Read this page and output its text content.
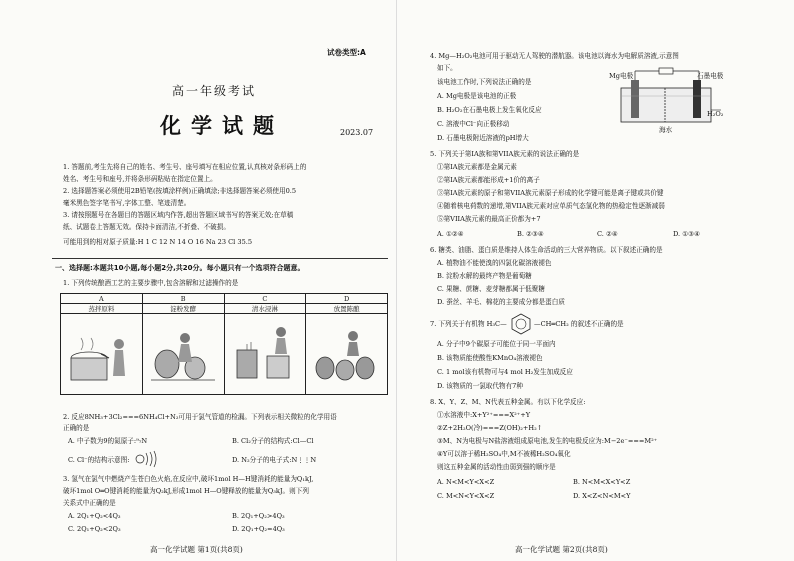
试卷类型:A
高一年级考试
化学试题	2023.07
1. 答题前,考生先将自己的姓名、考生号、座号填写在相应位置,认真核对条形码上的
姓名、考生号和座号,并将条形码粘贴在指定位置上。
2. 选择题答案必须使用2B铅笔(按填涂样例)正确填涂;非选择题答案必须使用0.5
毫米黑色签字笔书写,字体工整、笔迹清楚。
3. 请按照题号在各题目的答题区域内作答,超出答题区域书写的答案无效;在草稿
纸、试题卷上答题无效。保持卡面清洁,不折叠、不破损。
可能用到的相对原子质量:H 1 C 12 N 14 O 16 Na 23 Cl 35.5
一、选择题:本题共10小题,每小题2分,共20分。每小题只有一个选项符合题意。
1. 下列传统酿酒工艺的主要步骤中,包含溶解和过滤操作的是
A	B	C	D
蒸拌原料	淀粉发酵	清水浸淋	放置陈酿

2. 反应8NH₃+3Cl₂===6NH₄Cl+N₂可用于氯气管道的检漏。下列表示相关微粒的化学用语
正确的是
A. 中子数为9的氮原子:⁹₇N	B. Cl₂分子的结构式:Cl—Cl
C. Cl⁻的结构示意图:	D. N₂分子的电子式:N⋮⋮N
3. 氢气在氯气中燃烧产生苍白色火焰,在反应中,破坏1mol H—H键消耗的能量为Q₁kJ,
破坏1mol O═O键消耗的能量为Q₂kJ,形成1mol H—O键释放的能量为Q₃kJ。则下列
关系式中正确的是
A. 2Q₁+Q₂<4Q₃	B. 2Q₁+Q₂>4Q₃
C. 2Q₁+Q₂<2Q₃	D. 2Q₁+Q₂=4Q₃
高一化学试题 第1页(共8页)
4. Mg—H₂O₂电池可用于驱动无人驾驶的潜航器。该电池以海水为电解质溶液,示意图
如下。
该电池工作时,下列说法正确的是
A. Mg电极是该电池的正极
B. H₂O₂在石墨电极上发生氧化反应
C. 溶液中Cl⁻向正极移动
D. 石墨电极附近溶液的pH增大
Mg电极	石墨电极
H₂O₂
海水
5. 下列关于第IA族和第VIIA族元素的说法正确的是
①第IA族元素都是金属元素
②第IA族元素都能形成+1价的离子
③第IA族元素的原子和第VIIA族元素原子形成的化学键可能是离子键或共价键
④随着核电荷数的递增,第VIIA族元素对应单质气态氢化物的热稳定性逐渐减弱
⑤第VIIA族元素的最高正价都为+7
A. ①②④	B. ②③④	C. ②④	D. ①③④
6. 糖类、油脂、蛋白质是维持人体生命活动的三大营养物质。以下叙述正确的是
A. 植物油不能使溴的四氯化碳溶液褪色
B. 淀粉水解的最终产物是葡萄糖
C. 果糖、蔗糖、麦芽糖都属于低聚糖
D. 蚕丝、羊毛、棉花的主要成分都是蛋白质
7. 下列关于有机物 H₃C—	—CH═CH₂ 的叙述不正确的是
A. 分子中9个碳原子可能位于同一平面内
B. 该物质能使酸性KMnO₄溶液褪色
C. 1 mol该有机物可与4 mol H₂发生加成反应
D. 该物质的一氯取代物有7种
8. X、Y、Z、M、N代表五种金属。有以下化学反应:
①水溶液中:X+Y²⁺===X²⁺+Y
②Z+2H₂O(冷)===Z(OH)₂+H₂↑
③M、N为电极与N盐溶液组成原电池,发生的电极反应为:M−2e⁻===M²⁺
④Y可以溶于稀H₂SO₄中,M不被稀H₂SO₄氧化
则这五种金属的活动性由弱到强的顺序是
A. N<M<Y<X<Z	B. N<M<X<Y<Z
C. M<N<Y<X<Z	D. X<Z<N<M<Y
高一化学试题 第2页(共8页)
